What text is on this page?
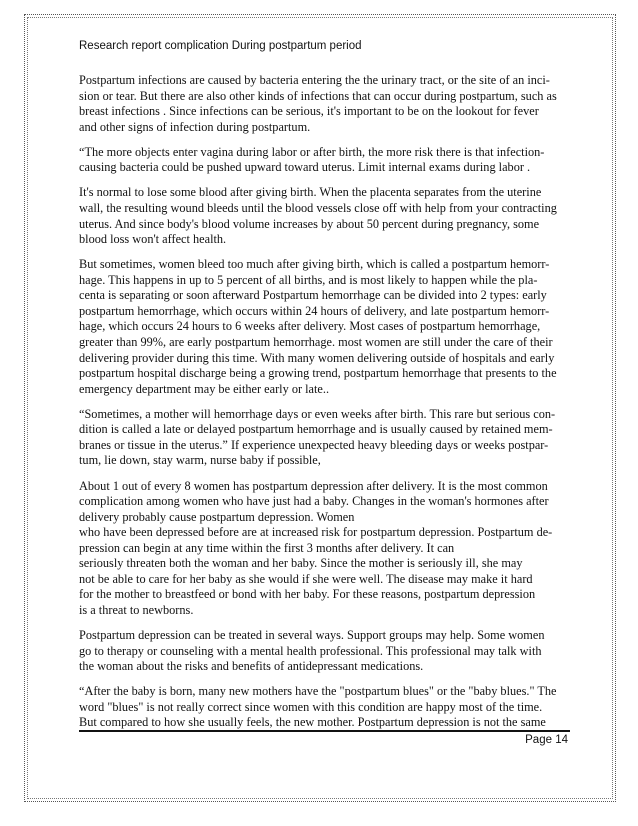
Research report complication During postpartum period

Postpartum infections are caused by bacteria entering the the urinary tract, or the site of an inci-
sion or tear. But there are also other kinds of infections that can occur during postpartum, such as
breast infections . Since infections can be serious, it's important to be on the lookout for fever
and other signs of infection during postpartum.

“The more objects enter vagina during labor or after birth, the more risk there is that infection-
causing bacteria could be pushed upward toward uterus. Limit internal exams during labor .

It's normal to lose some blood after giving birth. When the placenta separates from the uterine
wall, the resulting wound bleeds until the blood vessels close off with help from your contracting
uterus. And since body's blood volume increases by about 50 percent during pregnancy, some
blood loss won't affect health.

But sometimes, women bleed too much after giving birth, which is called a postpartum hemorr-
hage. This happens in up to 5 percent of all births, and is most likely to happen while the pla-
centa is separating or soon afterward Postpartum hemorrhage can be divided into 2 types: early
postpartum hemorrhage, which occurs within 24 hours of delivery, and late postpartum hemorr-
hage, which occurs 24 hours to 6 weeks after delivery. Most cases of postpartum hemorrhage,
greater than 99%, are early postpartum hemorrhage. most women are still under the care of their
delivering provider during this time. With many women delivering outside of hospitals and early
postpartum hospital discharge being a growing trend, postpartum hemorrhage that presents to the
emergency department may be either early or late..

“Sometimes, a mother will hemorrhage days or even weeks after birth. This rare but serious con-
dition is called a late or delayed postpartum hemorrhage and is usually caused by retained mem-
branes or tissue in the uterus.” If experience unexpected heavy bleeding days or weeks postpar-
tum, lie down, stay warm, nurse baby if possible,

About 1 out of every 8 women has postpartum depression after delivery. It is the most common
complication among women who have just had a baby. Changes in the woman's hormones after
delivery probably cause postpartum depression. Women
who have been depressed before are at increased risk for postpartum depression. Postpartum de-
pression can begin at any time within the first 3 months after delivery. It can
seriously threaten both the woman and her baby. Since the mother is seriously ill, she may
not be able to care for her baby as she would if she were well. The disease may make it hard
for the mother to breastfeed or bond with her baby. For these reasons, postpartum depression
is a threat to newborns.

Postpartum depression can be treated in several ways. Support groups may help. Some women
go to therapy or counseling with a mental health professional. This professional may talk with
the woman about the risks and benefits of antidepressant medications.

“After the baby is born, many new mothers have the "postpartum blues" or the "baby blues." The
word "blues" is not really correct since women with this condition are happy most of the time.
But compared to how she usually feels, the new mother. Postpartum depression is not the same

Page 14
